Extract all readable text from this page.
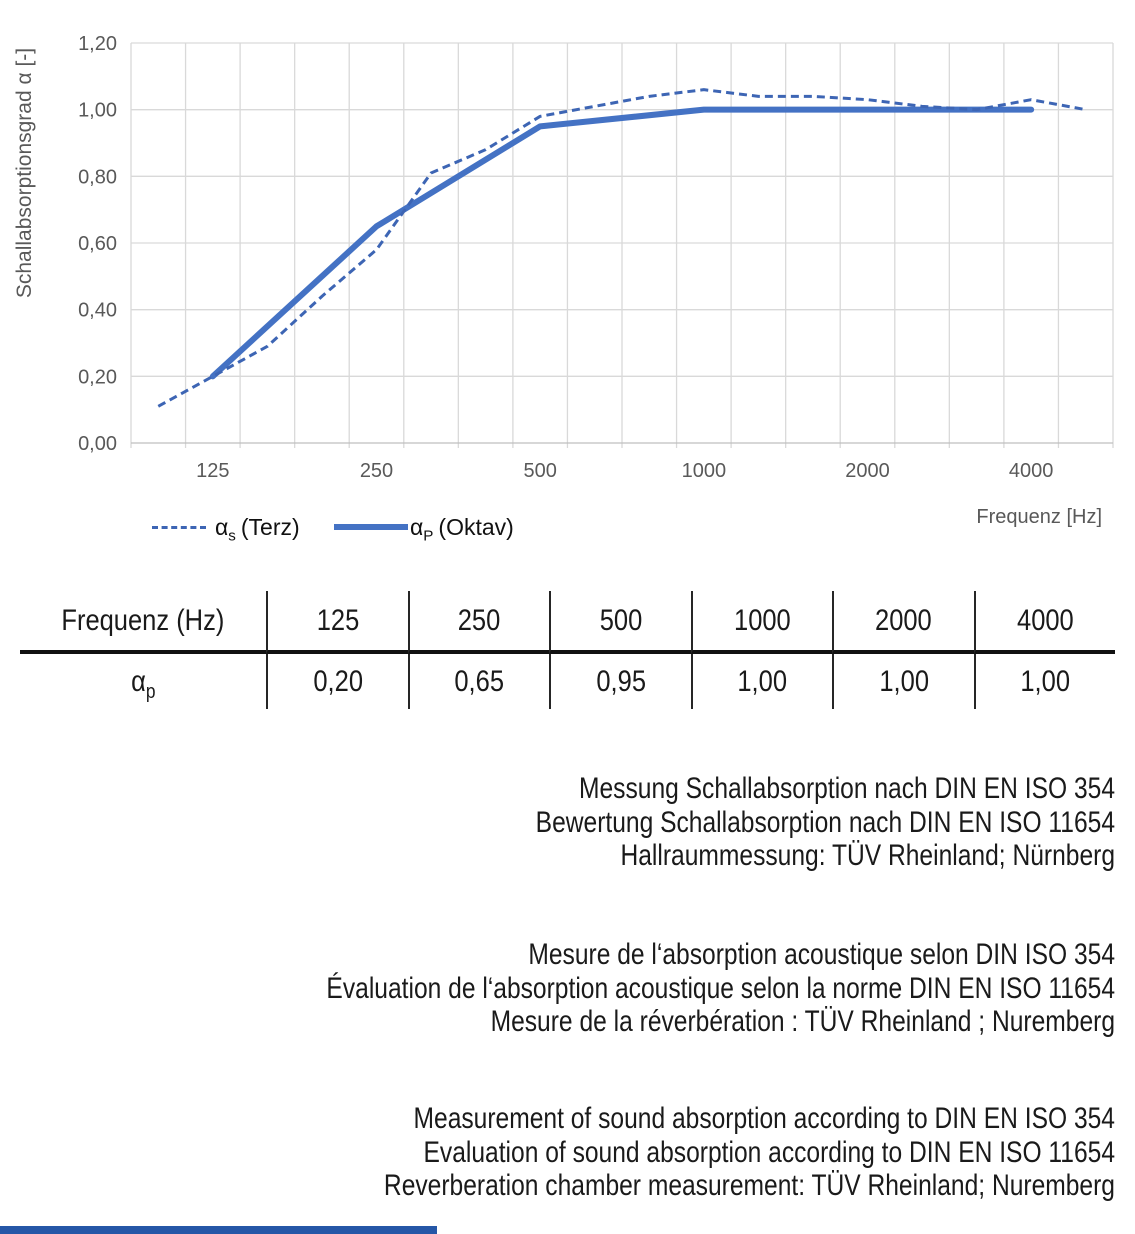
1,20
1,00
0,80
0,60
0,40
0,20
0,00
125	250	500	1000	2000	4000
Schallabsorptionsgrad α [-]
$\alpha_s$ (Terz)	$\alpha_P$ (Oktav)	Frequenz [Hz]
Frequenz (Hz)	125	250	500	1000	2000	4000
$\alpha_p$	0,20	0,65	0,95	1,00	1,00	1,00
Messung Schallabsorption nach DIN EN ISO 354
Bewertung Schallabsorption nach DIN EN ISO 11654
Hallraummessung: TÜV Rheinland; Nürnberg
Mesure de l‘absorption acoustique selon DIN ISO 354
Évaluation de l‘absorption acoustique selon la norme DIN EN ISO 11654
Mesure de la réverbération : TÜV Rheinland ; Nuremberg
Measurement of sound absorption according to DIN EN ISO 354
Evaluation of sound absorption according to DIN EN ISO 11654
Reverberation chamber measurement: TÜV Rheinland; Nuremberg
